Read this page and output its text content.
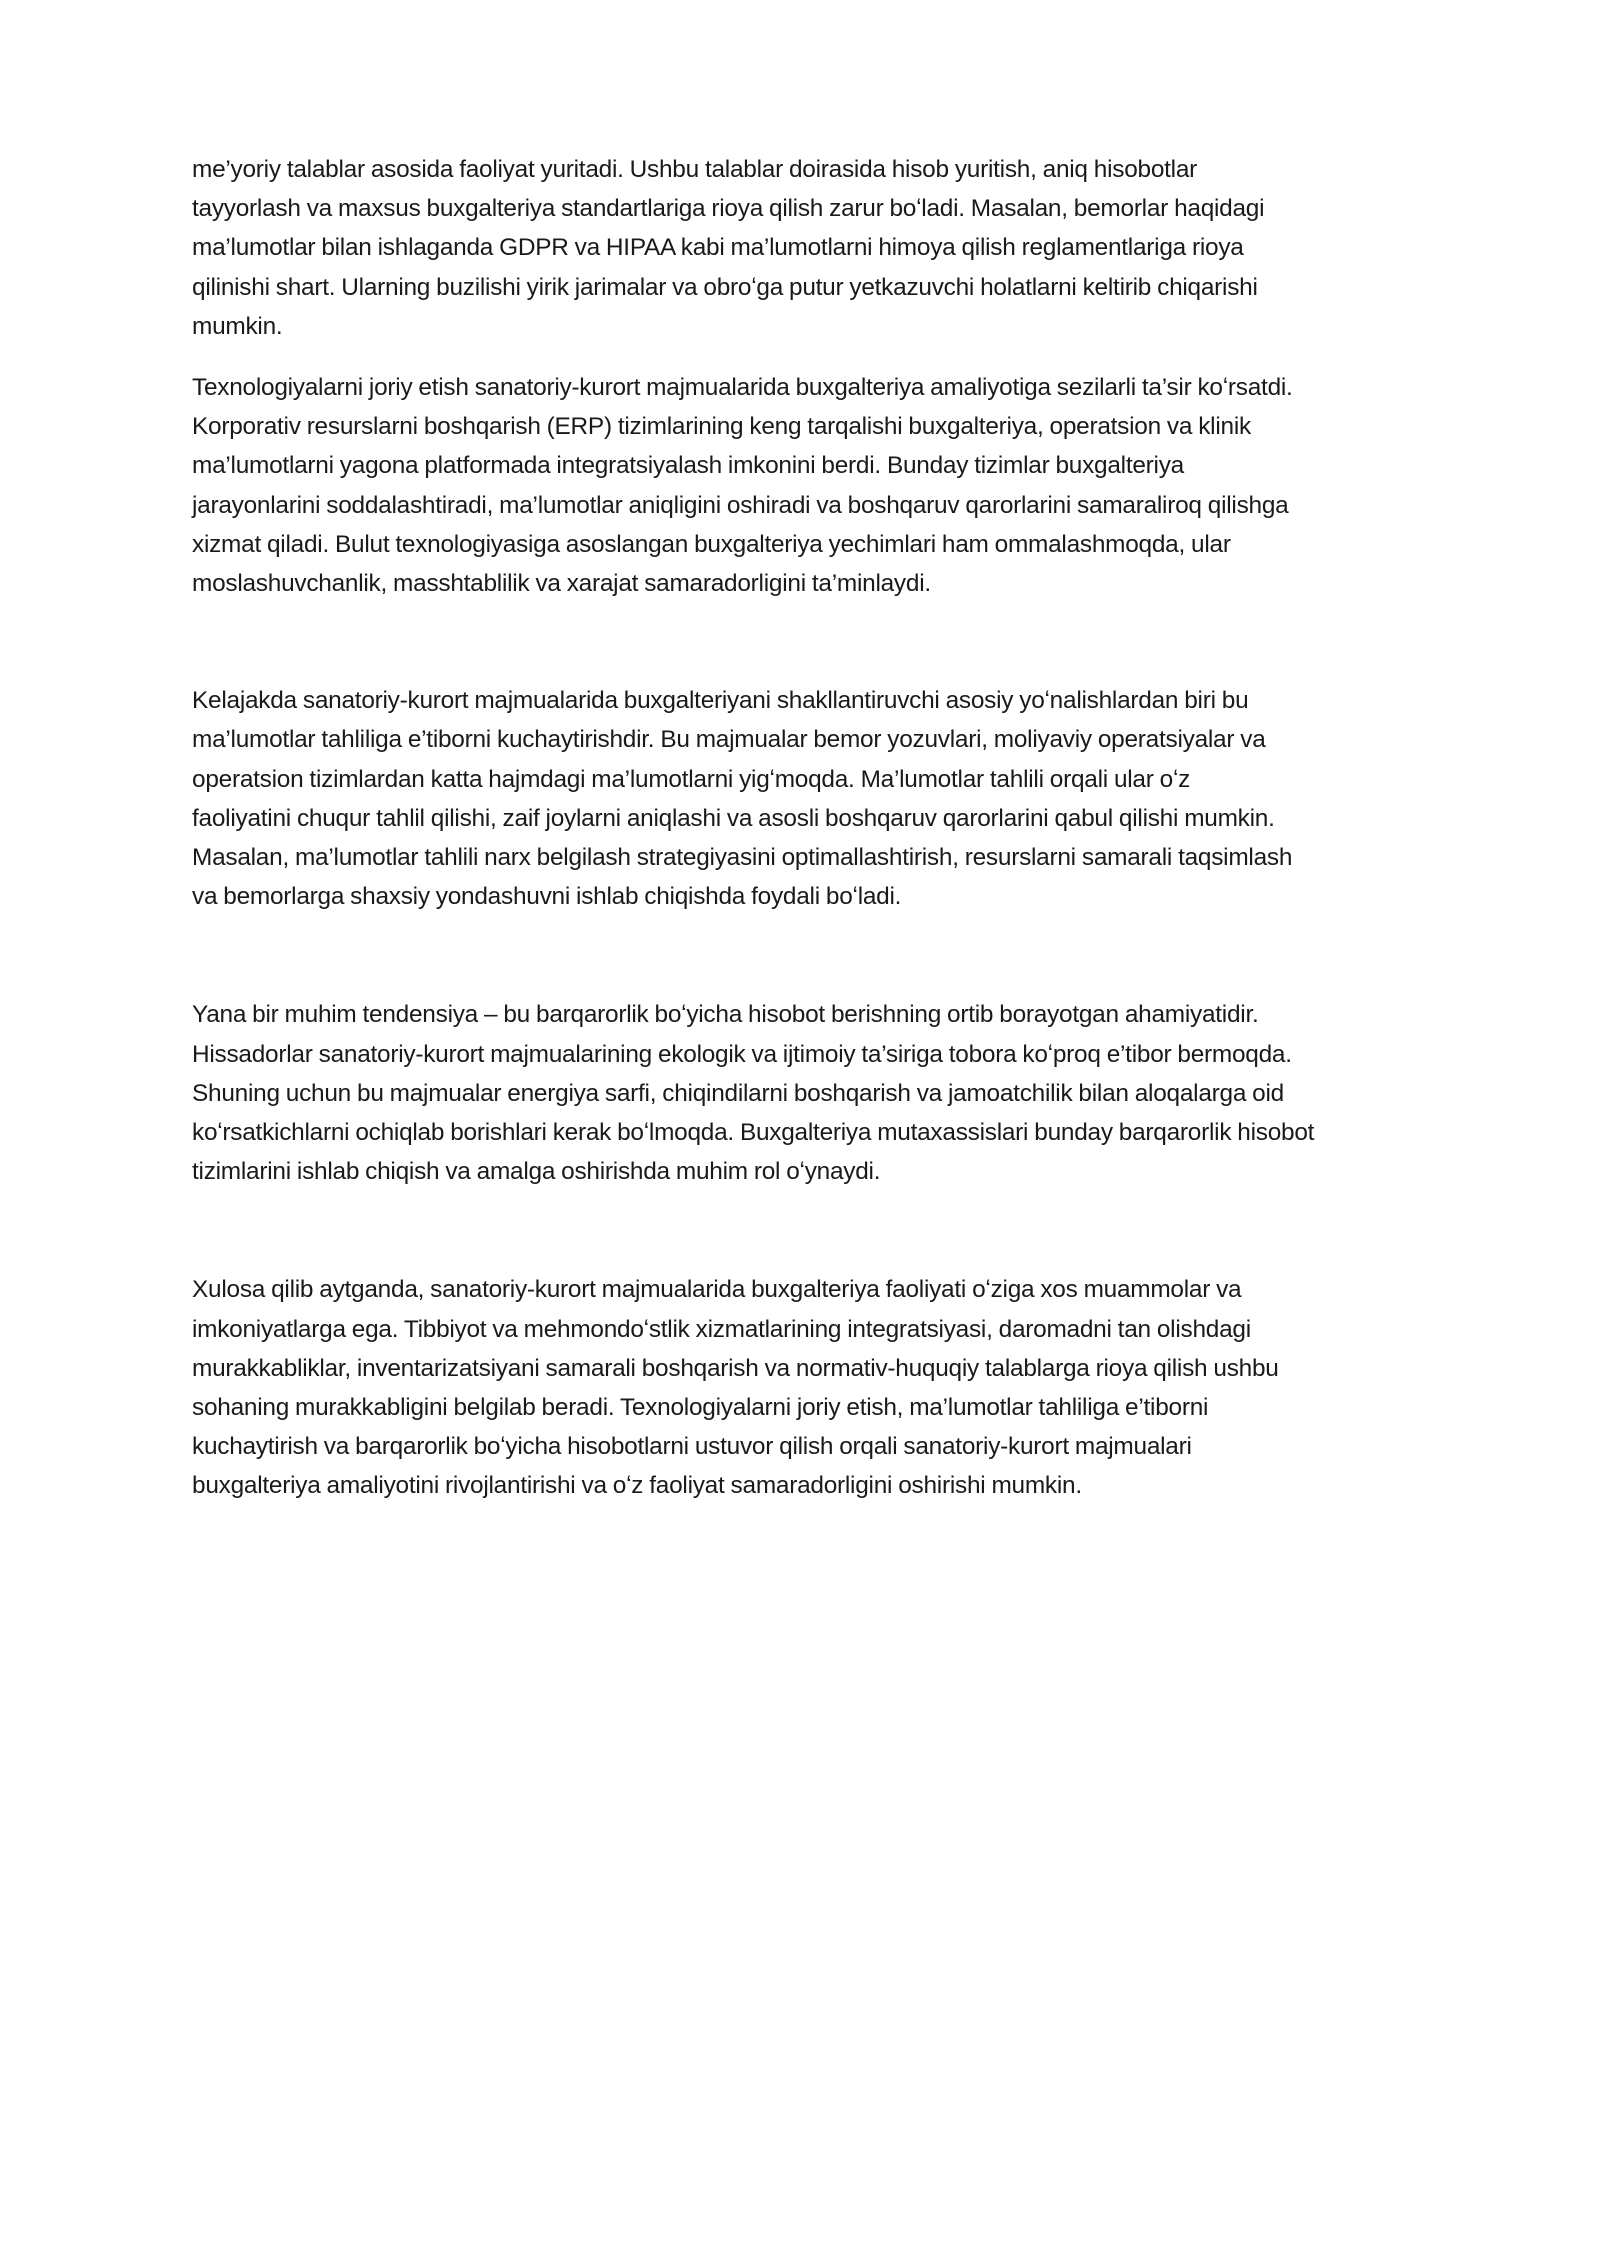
me’yoriy talablar asosida faoliyat yuritadi. Ushbu talablar doirasida hisob yuritish, aniq hisobotlar
tayyorlash va maxsus buxgalteriya standartlariga rioya qilish zarur boʻladi. Masalan, bemorlar haqidagi
ma’lumotlar bilan ishlaganda GDPR va HIPAA kabi ma’lumotlarni himoya qilish reglamentlariga rioya
qilinishi shart. Ularning buzilishi yirik jarimalar va obroʻga putur yetkazuvchi holatlarni keltirib chiqarishi
mumkin.

Texnologiyalarni joriy etish sanatoriy-kurort majmualarida buxgalteriya amaliyotiga sezilarli ta’sir koʻrsatdi.
Korporativ resurslarni boshqarish (ERP) tizimlarining keng tarqalishi buxgalteriya, operatsion va klinik
ma’lumotlarni yagona platformada integratsiyalash imkonini berdi. Bunday tizimlar buxgalteriya
jarayonlarini soddalashtiradi, ma’lumotlar aniqligini oshiradi va boshqaruv qarorlarini samaraliroq qilishga
xizmat qiladi. Bulut texnologiyasiga asoslangan buxgalteriya yechimlari ham ommalashmoqda, ular
moslashuvchanlik, masshtablilik va xarajat samaradorligini ta’minlaydi.

Kelajakda sanatoriy-kurort majmualarida buxgalteriyani shakllantiruvchi asosiy yoʻnalishlardan biri bu
ma’lumotlar tahliliga e’tiborni kuchaytirishdir. Bu majmualar bemor yozuvlari, moliyaviy operatsiyalar va
operatsion tizimlardan katta hajmdagi ma’lumotlarni yigʻmoqda. Ma’lumotlar tahlili orqali ular oʻz
faoliyatini chuqur tahlil qilishi, zaif joylarni aniqlashi va asosli boshqaruv qarorlarini qabul qilishi mumkin.
Masalan, ma’lumotlar tahlili narx belgilash strategiyasini optimallashtirish, resurslarni samarali taqsimlash
va bemorlarga shaxsiy yondashuvni ishlab chiqishda foydali boʻladi.

Yana bir muhim tendensiya – bu barqarorlik boʻyicha hisobot berishning ortib borayotgan ahamiyatidir.
Hissadorlar sanatoriy-kurort majmualarining ekologik va ijtimoiy ta’siriga tobora koʻproq e’tibor bermoqda.
Shuning uchun bu majmualar energiya sarfi, chiqindilarni boshqarish va jamoatchilik bilan aloqalarga oid
koʻrsatkichlarni ochiqlab borishlari kerak boʻlmoqda. Buxgalteriya mutaxassislari bunday barqarorlik hisobot
tizimlarini ishlab chiqish va amalga oshirishda muhim rol oʻynaydi.

Xulosa qilib aytganda, sanatoriy-kurort majmualarida buxgalteriya faoliyati oʻziga xos muammolar va
imkoniyatlarga ega. Tibbiyot va mehmondoʻstlik xizmatlarining integratsiyasi, daromadni tan olishdagi
murakkabliklar, inventarizatsiyani samarali boshqarish va normativ-huquqiy talablarga rioya qilish ushbu
sohaning murakkabligini belgilab beradi. Texnologiyalarni joriy etish, ma’lumotlar tahliliga e’tiborni
kuchaytirish va barqarorlik boʻyicha hisobotlarni ustuvor qilish orqali sanatoriy-kurort majmualari
buxgalteriya amaliyotini rivojlantirishi va oʻz faoliyat samaradorligini oshirishi mumkin.
